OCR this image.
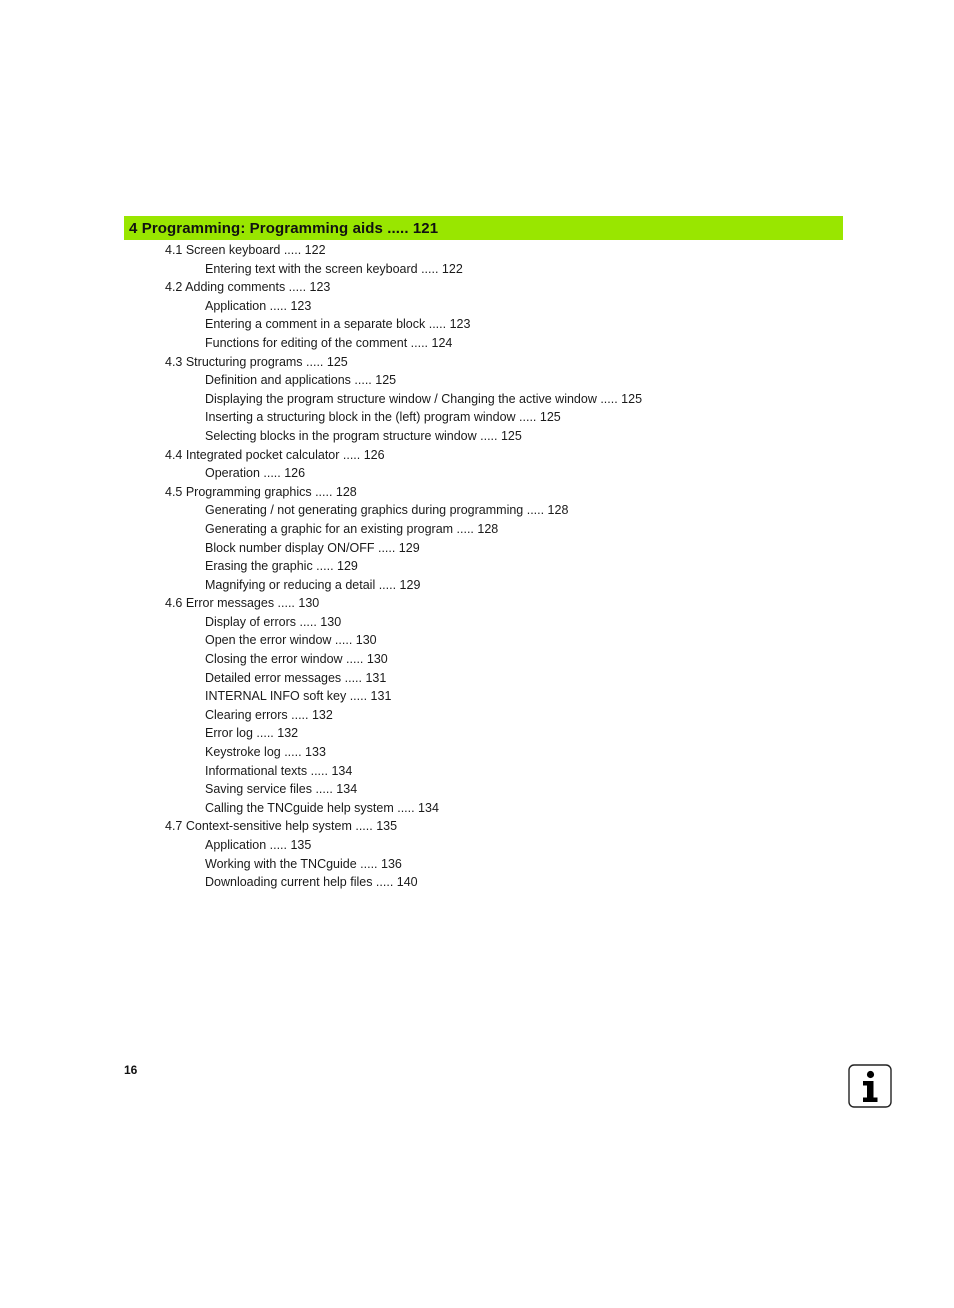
4 Programming: Programming aids ..... 121
4.1 Screen keyboard ..... 122
Entering text with the screen keyboard ..... 122
4.2 Adding comments ..... 123
Application ..... 123
Entering a comment in a separate block ..... 123
Functions for editing of the comment ..... 124
4.3 Structuring programs ..... 125
Definition and applications ..... 125
Displaying the program structure window / Changing the active window ..... 125
Inserting a structuring block in the (left) program window ..... 125
Selecting blocks in the program structure window ..... 125
4.4 Integrated pocket calculator ..... 126
Operation ..... 126
4.5 Programming graphics ..... 128
Generating / not generating graphics during programming ..... 128
Generating a graphic for an existing program ..... 128
Block number display ON/OFF ..... 129
Erasing the graphic ..... 129
Magnifying or reducing a detail ..... 129
4.6 Error messages ..... 130
Display of errors ..... 130
Open the error window ..... 130
Closing the error window ..... 130
Detailed error messages ..... 131
INTERNAL INFO soft key ..... 131
Clearing errors ..... 132
Error log ..... 132
Keystroke log ..... 133
Informational texts ..... 134
Saving service files ..... 134
Calling the TNCguide help system ..... 134
4.7 Context-sensitive help system ..... 135
Application ..... 135
Working with the TNCguide ..... 136
Downloading current help files ..... 140
16
